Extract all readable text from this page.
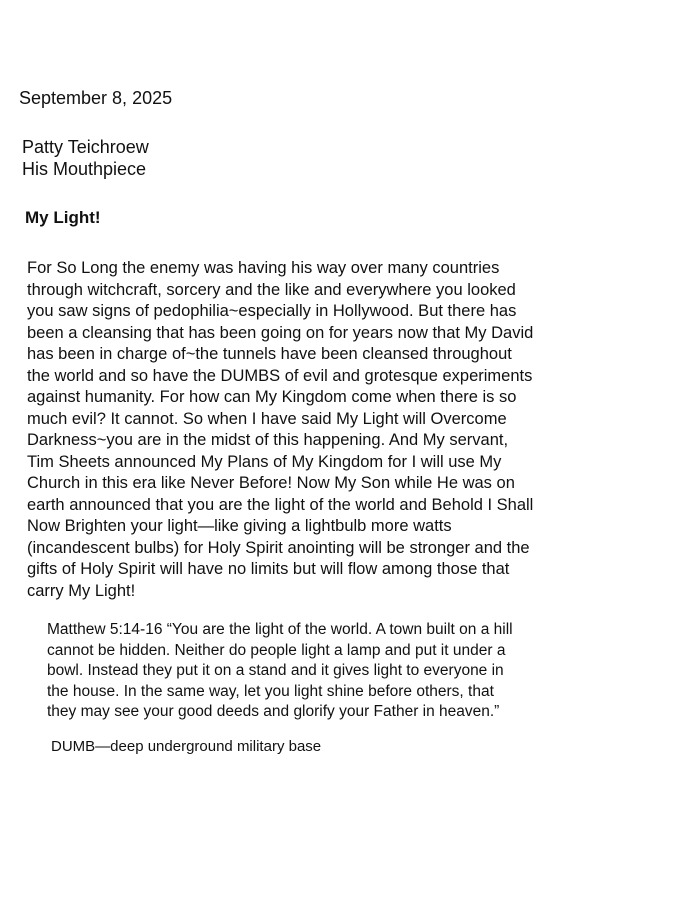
September 8, 2025
Patty Teichroew
His Mouthpiece
My Light!
For So Long the enemy was having his way over many countries
through witchcraft, sorcery and the like and everywhere you looked
you saw signs of pedophilia~especially in Hollywood. But there has
been a cleansing that has been going on for years now that My David
has been in charge of~the tunnels have been cleansed throughout
the world and so have the DUMBS of evil and grotesque experiments
against humanity. For how can My Kingdom come when there is so
much evil? It cannot. So when I have said My Light will Overcome
Darkness~you are in the midst of this happening. And My servant,
Tim Sheets announced My Plans of My Kingdom for I will use My
Church in this era like Never Before! Now My Son while He was on
earth announced that you are the light of the world and Behold I Shall
Now Brighten your light—like giving a lightbulb more watts
(incandescent bulbs) for Holy Spirit anointing will be stronger and the
gifts of Holy Spirit will have no limits but will flow among those that
carry My Light!
Matthew 5:14-16 “You are the light of the world. A town built on a hill
cannot be hidden. Neither do people light a lamp and put it under a
bowl. Instead they put it on a stand and it gives light to everyone in
the house. In the same way, let you light shine before others, that
they may see your good deeds and glorify your Father in heaven.”
DUMB—deep underground military base
